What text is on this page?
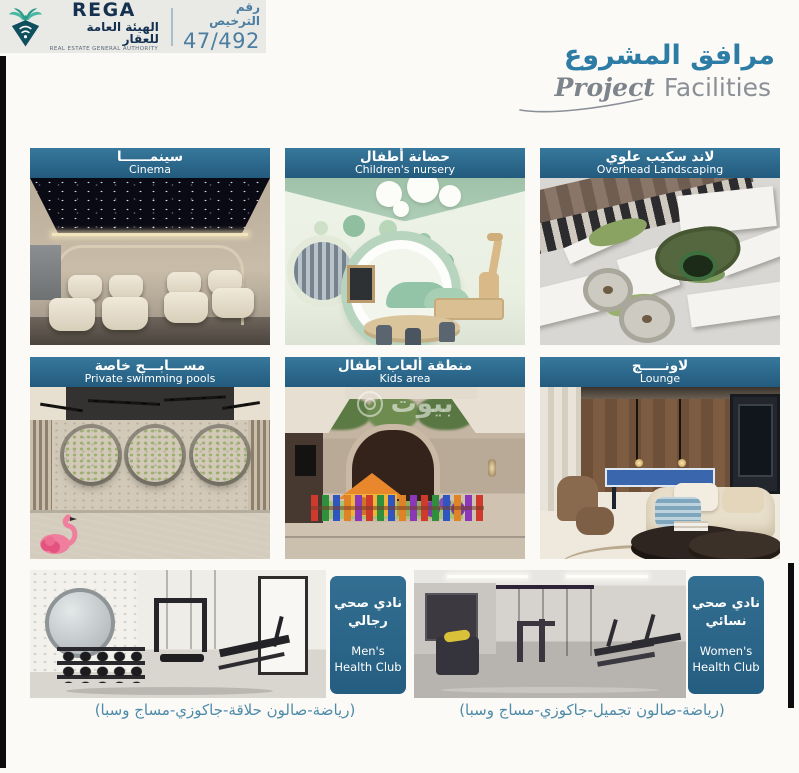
REGA
الهيئة العامة للعقار
REAL ESTATE GENERAL AUTHORITY
رقم الترخيص
47/492	مرافق المشروع
Project Facilities
سينمــــــا
Cinema
حضانة أطفال
Children's nursery
لاند سكيب علوي
Overhead Landscaping
مســـابـــح خاصة
Private swimming pools
منطقة ألعاب أطفال
Kids area
لاونـــــج
Lounge
بيوت
نادي صحي رجالي
Men's Health Club
نادي صحي نسائي
Women's Health Club
(رياضة-صالون حلاقة-جاكوزي-مساج وسبا)	(رياضة-صالون تجميل-جاكوزي-مساج وسبا)
